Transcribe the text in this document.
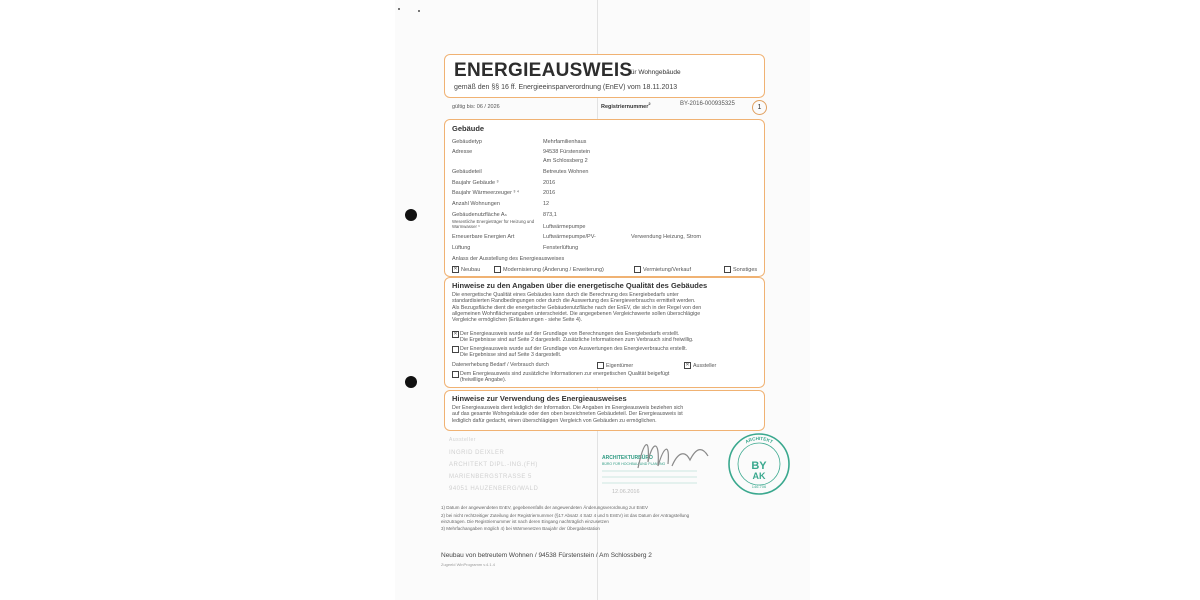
ENERGIEAUSWEIS
für Wohngebäude
gemäß den §§ 16 ff. Energieeinsparverordnung (EnEV) vom 18.11.2013
gültig bis: 06 / 2026	Registriernummer$^2$	BY-2016-000935325	1
Gebäude
Gebäudetyp	Mehrfamilienhaus
Adresse	94538 Fürstenstein
Am Schlossberg 2
Gebäudeteil	Betreutes Wohnen
Baujahr Gebäude ³	2016
Baujahr Wärmeerzeuger ³ ⁴	2016
Anzahl Wohnungen	12
Gebäudenutzfläche Aₙ	873,1
Wesentliche Energieträger für Heizung und Warmwasser ³	Luftwärmepumpe
Erneuerbare Energien Art	Luftwärmepumpe/PV-	Verwendung Heizung, Strom
Lüftung	Fensterlüftung
Anlass der Ausstellung des Energieausweises
✕ Neubau	Modernisierung (Änderung / Erweiterung)	Vermietung/Verkauf	Sonstiges
Hinweise zu den Angaben über die energetische Qualität des Gebäudes
Die energetische Qualität eines Gebäudes kann durch die Berechnung des Energiebedarfs unter
standardisierten Randbedingungen oder durch die Auswertung des Energieverbrauchs ermittelt werden.
Als Bezugsfläche dient die energetische Gebäudenutzfläche nach der EnEV, die sich in der Regel von den
allgemeinen Wohnflächenangaben unterscheidet. Die angegebenen Vergleichswerte sollen überschlägige
Vergleiche ermöglichen (Erläuterungen - siehe Seite 4).
✕ Der Energieausweis wurde auf der Grundlage von Berechnungen des Energiebedarfs erstellt.
Die Ergebnisse sind auf Seite 2 dargestellt. Zusätzliche Informationen zum Verbrauch sind freiwillig.
Der Energieausweis wurde auf der Grundlage von Auswertungen des Energieverbrauchs erstellt.
Die Ergebnisse sind auf Seite 3 dargestellt.
Datenerhebung Bedarf / Verbrauch durch	Eigentümer	✕ Aussteller
Dem Energieausweis sind zusätzliche Informationen zur energetischen Qualität beigefügt
(freiwillige Angabe).
Hinweise zur Verwendung des Energieausweises
Der Energieausweis dient lediglich der Information. Die Angaben im Energieausweis beziehen sich
auf das gesamte Wohngebäude oder den oben bezeichneten Gebäudeteil. Der Energieausweis ist
lediglich dafür gedacht, einen überschlägigen Vergleich von Gebäuden zu ermöglichen.
Aussteller
INGRID DEIXLER
ARCHITEKT DIPL.-ING.(FH)
MARIENBERGSTRASSE 5
94051 HAUZENBERG/WALD
ARCHITEKTURBÜRO
BÜRO FÜR HOCHBAU UND PLANUNG
12.06.2016
ARCHITEKT
BY
AK
146.706
1) Datum der angewendeten EnEV, gegebenenfalls der angewendeten Änderungsverordnung zur EnEV
2) bei nicht rechtzeitiger Zuteilung der Registriernummer (§17 Absatz 4 Satz 4 und 5 EnEV) ist das Datum der Antragstellung
einzutragen. Die Registriernummer ist nach deren Eingang nachträglich einzusetzen
3) Mehrfachangaben möglich 4) bei Wärmenetzen Baujahr der Übergabestation
Neubau von betreutem Wohnen / 94538 Fürstenstein / Am Schlossberg 2
Zugeeld WinProgramm v.4.1.4
